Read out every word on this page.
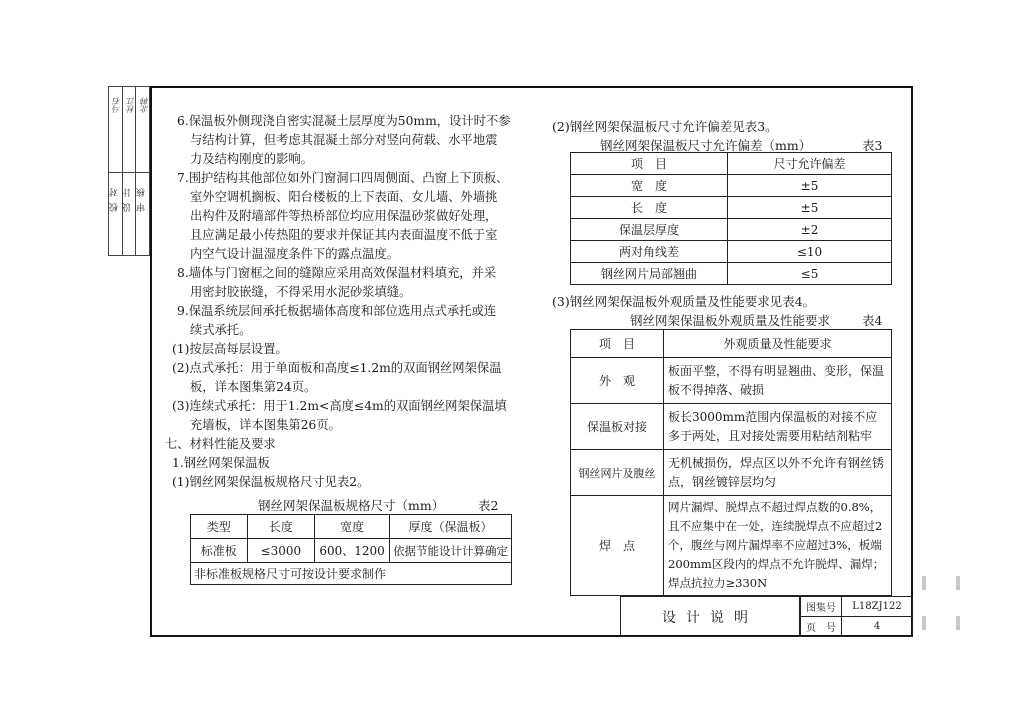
校对 设计 审核
马石 杜江 北韩
6.保温板外侧现浇自密实混凝土层厚度为50mm，设计时不参
与结构计算，但考虑其混凝土部分对竖向荷载、水平地震
力及结构刚度的影响。
7.围护结构其他部位如外门窗洞口四周侧面、凸窗上下顶板、
室外空调机搁板、阳台楼板的上下表面、女儿墙、外墙挑
出构件及附墙部件等热桥部位均应用保温砂浆做好处理，
且应满足最小传热阻的要求并保证其内表面温度不低于室
内空气设计温湿度条件下的露点温度。
8.墙体与门窗框之间的缝隙应采用高效保温材料填充，并采
用密封胶嵌缝，不得采用水泥砂浆填缝。
9.保温系统层间承托板据墙体高度和部位选用点式承托或连
续式承托。
(1)按层高每层设置。
(2)点式承托：用于单面板和高度≤1.2m的双面钢丝网架保温
板，详本图集第24页。
(3)连续式承托：用于1.2m<高度≤4m的双面钢丝网架保温填
充墙板，详本图集第26页。
七、材料性能及要求
1.钢丝网架保温板
(1)钢丝网架保温板规格尺寸见表2。
钢丝网架保温板规格尺寸（mm）	表2
类型	长度	宽度	厚度（保温板）
标准板	≤3000	600、1200	依据节能设计计算确定
非标准板规格尺寸可按设计要求制作			
(2)钢丝网架保温板尺寸允许偏差见表3。
钢丝网架保温板尺寸允许偏差（mm）	表3
项　目	尺寸允许偏差
宽　度	±5
长　度	±5
保温层厚度	±2
两对角线差	≤10
钢丝网片局部翘曲	≤5
(3)钢丝网架保温板外观质量及性能要求见表4。
钢丝网架保温板外观质量及性能要求	表4
项　目	外观质量及性能要求
外　观	板面平整，不得有明显翘曲、变形，保温板不得掉落、破损
保温板对接	板长3000mm范围内保温板的对接不应多于两处，且对接处需要用粘结剂粘牢
钢丝网片及腹丝	无机械损伤，焊点区以外不允许有钢丝锈点，钢丝镀锌层均匀
焊　点	网片漏焊、脱焊点不超过焊点数的0.8%，且不应集中在一处，连续脱焊点不应超过2个，腹丝与网片漏焊率不应超过3%，板端200mm区段内的焊点不允许脱焊、漏焊；焊点抗拉力≥330N
设计说明
图集号	L18ZJ122
页　号	4
